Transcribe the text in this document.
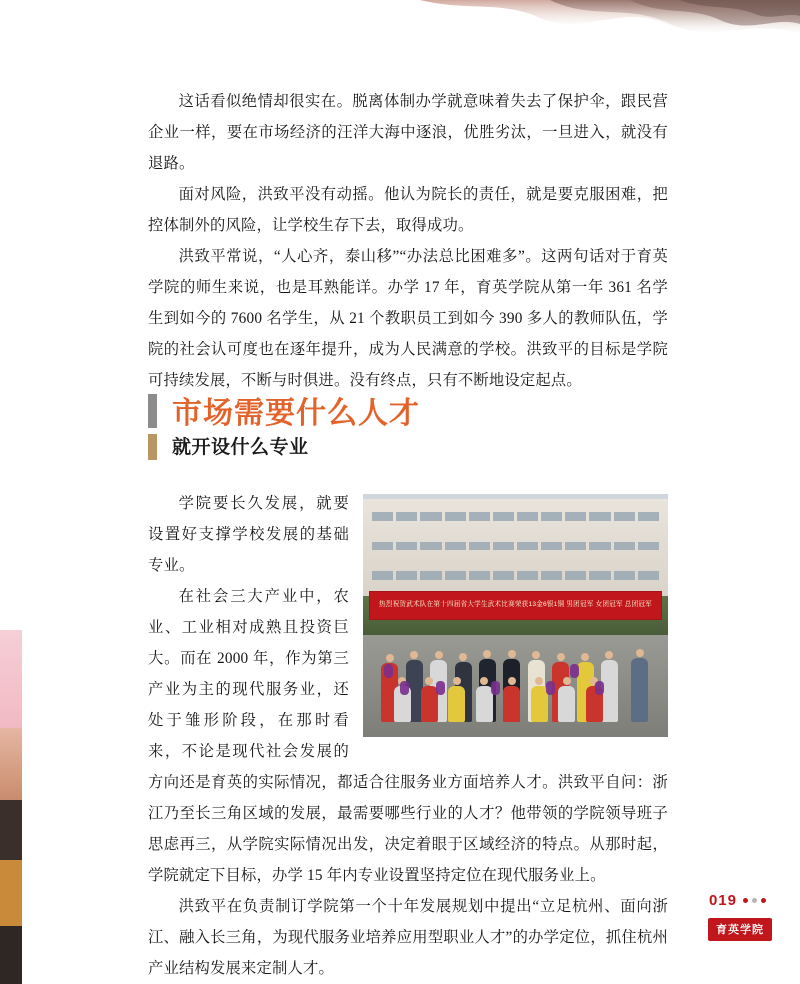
这话看似绝情却很实在。脱离体制办学就意味着失去了保护伞，跟民营企业一样，要在市场经济的汪洋大海中逐浪，优胜劣汰，一旦进入，就没有退路。

面对风险，洪致平没有动摇。他认为院长的责任，就是要克服困难，把控体制外的风险，让学校生存下去，取得成功。

洪致平常说，“人心齐，泰山移”“办法总比困难多”。这两句话对于育英学院的师生来说，也是耳熟能详。办学 17 年，育英学院从第一年 361 名学生到如今的 7600 名学生，从 21 个教职员工到如今 390 多人的教师队伍，学院的社会认可度也在逐年提升，成为人民满意的学校。洪致平的目标是学院可持续发展，不断与时俱进。没有终点，只有不断地设定起点。

市场需要什么人才
就开设什么专业
热烈祝贺武术队在第十四届省大学生武术比赛荣获13金6银1铜 男团冠军 女团冠军 总团冠军

学院要长久发展，就要设置好支撑学校发展的基础专业。

在社会三大产业中，农业、工业相对成熟且投资巨大。而在 2000 年，作为第三产业为主的现代服务业，还处于雏形阶段，在那时看来，不论是现代社会发展的方向还是育英的实际情况，都适合往服务业方面培养人才。洪致平自问：浙江乃至长三角区域的发展，最需要哪些行业的人才？他带领的学院领导班子思虑再三，从学院实际情况出发，决定着眼于区域经济的特点。从那时起，学院就定下目标，办学 15 年内专业设置坚持定位在现代服务业上。

洪致平在负责制订学院第一个十年发展规划中提出“立足杭州、面向浙江、融入长三角，为现代服务业培养应用型职业人才”的办学定位，抓住杭州产业结构发展来定制人才。

019
育英学院
